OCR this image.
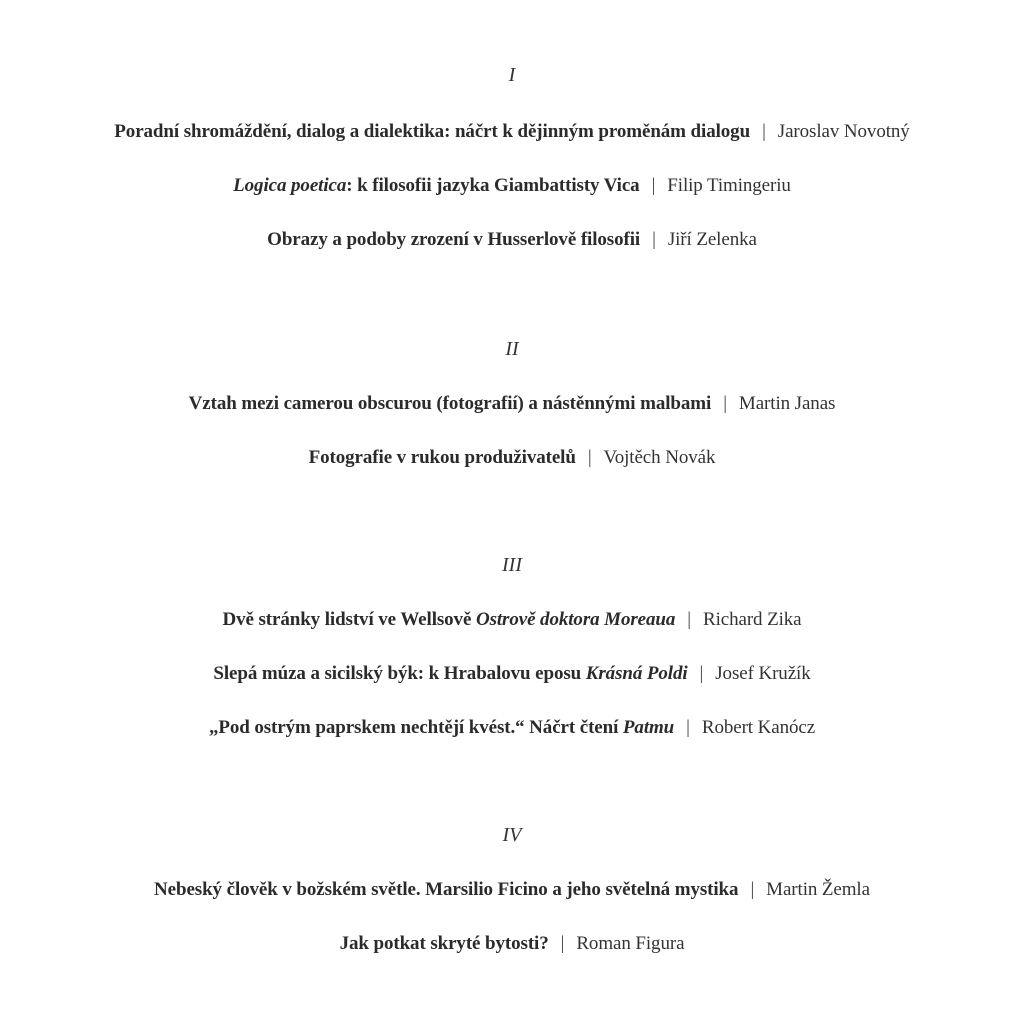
I
Poradní shromáždění, dialog a dialektika: náčrt k dějinným proměnám dialogu | Jaroslav Novotný
Logica poetica: k filosofii jazyka Giambattisty Vica | Filip Timingeriu
Obrazy a podoby zrození v Husserlově filosofii | Jiří Zelenka
II
Vztah mezi camerou obscurou (fotografií) a nástěnnými malbami | Martin Janas
Fotografie v rukou produživatelů | Vojtěch Novák
III
Dvě stránky lidství ve Wellsově Ostrově doktora Moreaua | Richard Zika
Slepá múza a sicilský býk: k Hrabalovu eposu Krásná Poldi | Josef Kružík
„Pod ostrým paprskem nechtějí kvést.“ Náčrt čtení Patmu | Robert Kanócz
IV
Nebeský člověk v božském světle. Marsilio Ficino a jeho světelná mystika | Martin Žemla
Jak potkat skryté bytosti? | Roman Figura
